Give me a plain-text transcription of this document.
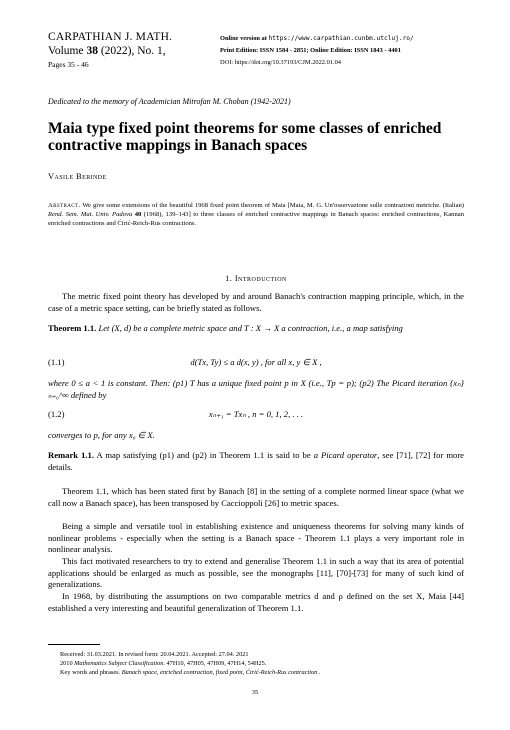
CARPATHIAN J. MATH.
Volume 38 (2022), No. 1,
Pages 35 - 46
Online version at https://www.carpathian.cunbm.utcluj.ro/
Print Edition: ISSN 1584 - 2851; Online Edition: ISSN 1843 - 4401
DOI: https://doi.org/10.37193/CJM.2022.01.04
Dedicated to the memory of Academician Mitrofan M. Choban (1942-2021)
Maia type fixed point theorems for some classes of enriched contractive mappings in Banach spaces
Vasile Berinde
Abstract. We give some extensions of the beautiful 1968 fixed point theorem of Maia [Maia, M. G. Un'osservazione sulle contrazioni metriche. (Italian) Rend. Sem. Mat. Univ. Padova 40 (1968), 139–143] to three classes of enriched contractive mappings in Banach spaces: enriched contractions, Kannan enriched contractions and Ćirić-Reich-Rus contractions.
1. Introduction
The metric fixed point theory has developed by and around Banach's contraction mapping principle, which, in the case of a metric space setting, can be briefly stated as follows.
Theorem 1.1. Let (X, d) be a complete metric space and T : X → X a contraction, i.e., a map satisfying
(1.1)	d(Tx, Ty) ≤ a d(x, y) , for all x, y ∈ X ,
where 0 ≤ a < 1 is constant. Then: (p1) T has a unique fixed point p in X (i.e., Tp = p); (p2) The Picard iteration {xₙ}ₙ₌₀^∞ defined by
(1.2)	xₙ₊₁ = Txₙ , n = 0, 1, 2, . . .
converges to p, for any x₀ ∈ X.
Remark 1.1. A map satisfying (p1) and (p2) in Theorem 1.1 is said to be a Picard operator, see [71], [72] for more details.
Theorem 1.1, which has been stated first by Banach [8] in the setting of a complete normed linear space (what we call now a Banach space), has been transposed by Caccioppoli [26] to metric spaces.
Being a simple and versatile tool in establishing existence and uniqueness theorems for solving many kinds of nonlinear problems - especially when the setting is a Banach space - Theorem 1.1 plays a very important role in nonlinear analysis.
This fact motivated researchers to try to extend and generalise Theorem 1.1 in such a way that its area of potential applications should be enlarged as much as possible, see the monographs [11], [70]-[73] for many of such kind of generalizations.
In 1968, by distributing the assumptions on two comparable metrics d and ρ defined on the set X, Maia [44] established a very interesting and beautiful generalization of Theorem 1.1.
Received: 31.03.2021. In revised form: 20.04.2021. Accepted: 27.04. 2021
2010 Mathematics Subject Classification. 47H10, 47H05, 47H09, 47H14, 54H25.
Key words and phrases. Banach space, enriched contraction, fixed point, Ćirić-Reich-Rus contraction .
35
